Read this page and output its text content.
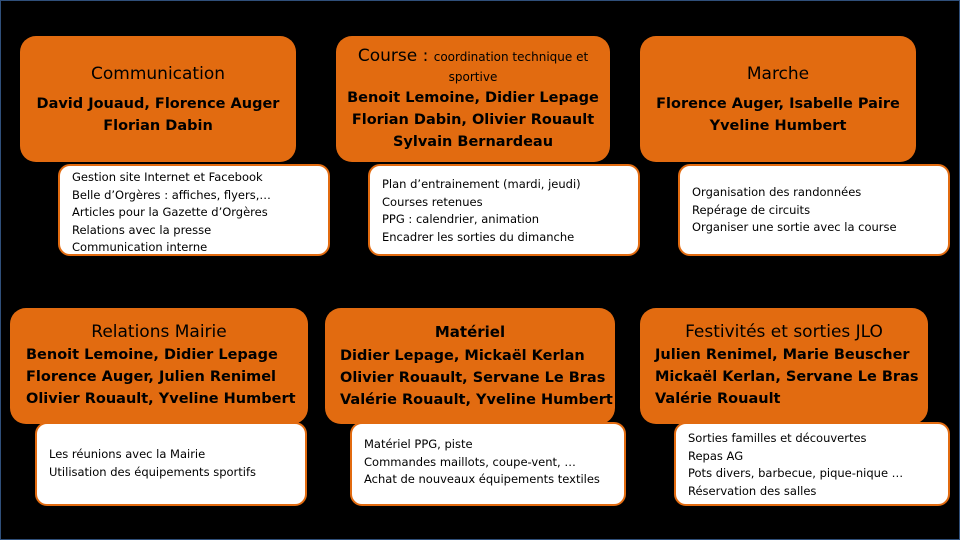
Communication
David Jouaud, Florence Auger
Florian Dabin
Gestion site Internet et Facebook
Belle d’Orgères : affiches, flyers,…
Articles pour la Gazette d’Orgères
Relations avec la presse
Communication interne
Course : coordination technique et sportive
Benoit Lemoine, Didier Lepage
Florian Dabin, Olivier Rouault
Sylvain Bernardeau
Plan d’entrainement (mardi, jeudi)
Courses retenues
PPG : calendrier, animation
Encadrer les sorties du dimanche
Marche
Florence Auger, Isabelle Paire
Yveline Humbert
Organisation des randonnées
Repérage de circuits
Organiser une sortie avec la course
Relations Mairie
Benoit Lemoine, Didier Lepage
Florence Auger, Julien Renimel
Olivier Rouault, Yveline Humbert
Les réunions avec la Mairie
Utilisation des équipements sportifs
Matériel
Didier Lepage, Mickaël Kerlan
Olivier Rouault, Servane Le Bras
Valérie Rouault, Yveline Humbert
Matériel PPG, piste
Commandes maillots, coupe-vent, …
Achat de nouveaux équipements textiles
Festivités et sorties JLO
Julien Renimel, Marie Beuscher
Mickaël Kerlan, Servane Le Bras
Valérie Rouault
Sorties familles et découvertes
Repas AG
Pots divers, barbecue, pique-nique …
Réservation des salles
